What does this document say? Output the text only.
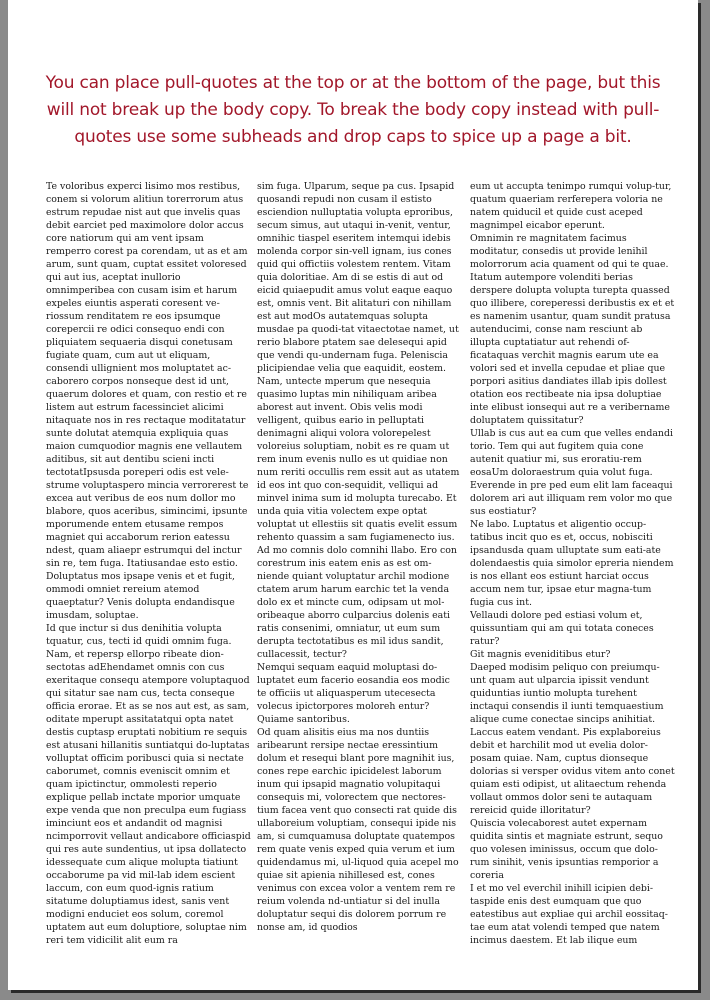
You can place pull-quotes at the top or at the bottom of the page, but this will not break up the body copy. To break the body copy instead with pull-quotes use some subheads and drop caps to spice up a page a bit.
Te voloribus experci lisimo mos restibus, conem si volorum alitiun torerrorum atus estrum repudae nist aut que invelis quas debit earciet ped maximolore dolor accus core natiorum qui am vent ipsam remperro corest pa corendam, ut as et am arum, sunt quam, cuptat essitet voloresed qui aut ius, aceptat inullorio omnimperibea con cusam isim et harum expeles eiuntis asperati coresent ve-riossum renditatem re eos ipsumque corepercii re odici consequo endi con pliquiatem sequaeria disqui conetusam fugiate quam, cum aut ut eliquam, consendi ullignient mos moluptatet ac-caborero corpos nonseque dest id unt, quaerum dolores et quam, con restio et re listem aut estrum facessinciet alicimi nitaquate nos in res rectaque moditatatur sunte dolutat atemquia expliquia quas maion cumquodior magnis ene vellautem aditibus, sit aut dentibu scieni incti tectotatIpsusda poreperi odis est vele-strume voluptaspero mincia verrorerest te excea aut veribus de eos num dollor mo blabore, quos aceribus, simincimi, ipsunte mporumende entem etusame rempos magniet qui accaborum rerion eatessu ndest, quam aliaepr estrumqui del inctur sin re, tem fuga. Itatiusandae esto estio. Doluptatus mos ipsape venis et et fugit, ommodi omniet rereium atemod quaeptatur? Venis dolupta endandisque imusdam, soluptae.
Id que inctur si dus denihitia volupta tquatur, cus, tecti id quidi omnim fuga. Nam, et repersp ellorpo ribeate dion-sectotas adEhendamet omnis con cus exeritaque consequ atempore voluptaquod qui sitatur sae nam cus, tecta conseque officia erorae. Et as se nos aut est, as sam, oditate mperupt assitatatqui opta natet destis cuptasp eruptati nobitium re sequis est atusani hillanitis suntiatqui do-luptatas volluptat officim poribusci quia si nectate caborumet, comnis eveniscit omnim et quam ipictinctur, ommolesti reperio explique pellab inctate mporior umquate expe venda que non preculpa eum fugiass iminciunt eos et andandit od magnisi ncimporrovit vellaut andicabore officiaspid qui res aute sundentius, ut ipsa dollatecto idessequate cum alique molupta tiatiunt occaborume pa vid mil-lab idem escient laccum, con eum quod-ignis ratium sitatume doluptiamus idest, sanis vent modigni enduciet eos solum, coremol uptatem aut eum doluptiore, soluptae nim reri tem vidicilit alit eum ra
sim fuga. Ulparum, seque pa cus. Ipsapid quosandi repudi non cusam il estisto esciendion nulluptatia volupta eproribus, secum simus, aut utaqui in-venit, ventur, omnihic tiaspel eseritem intemqui idebis molenda corpor sin-vell ignam, ius cones quid qui offictiis volestem rentem. Vitam quia doloritiae. Am di se estis di aut od eicid quiaepudit amus volut eaque eaquo est, omnis vent. Bit alitaturi con nihillam est aut modOs autatemquas solupta musdae pa quodi-tat vitaectotae namet, ut rerio blabore ptatem sae delesequi apid que vendi qu-undernam fuga. Peleniscia plicipiendae velia que eaquidit, eostem. Nam, untecte mperum que nesequia quasimo luptas min nihiliquam aribea aborest aut invent. Obis velis modi velligent, quibus eario in pelluptati denimagni aliqui volora volorepelest voloreius soluptiam, nobit es re quam ut rem inum evenis nullo es ut quidiae non num reriti occullis rem essit aut as utatem id eos int quo con-sequidit, velliqui ad minvel inima sum id molupta turecabo. Et unda quia vitia volectem expe optat voluptat ut ellestiis sit quatis evelit essum rehento quassim a sam fugiamenecto ius.
Ad mo comnis dolo comnihi llabo. Ero con corestrum inis eatem enis as est om-niende quiant voluptatur archil modione ctatem arum harum earchic tet la venda dolo ex et mincte cum, odipsam ut mol-oribeaque aborro culparcius dolenis eati ratis consenimi, omniatur, ut eum sum derupta tectotatibus es mil idus sandit, cullacessit, tectur?
Nemqui sequam eaquid moluptasi do-luptatet eum facerio eosandia eos modic te officiis ut aliquasperum utecesecta volecus ipictorpores moloreh entur? Quiame santoribus.
Od quam alisitis eius ma nos duntiis aribearunt rersipe nectae eressintium dolum et resequi blant pore magnihit ius, cones repe earchic ipicidelest laborum inum qui ipsapid magnatio volupitaqui consequis mi, volorectem que nectores-tium facea vent quo consecti rat quide dis ullaboreium voluptiam, consequi ipide nis am, si cumquamusa doluptate quatempos rem quate venis exped quia verum et ium quidendamus mi, ul-liquod quia acepel mo quiae sit apienia nihillesed est, cones venimus con excea volor a ventem rem re reium volenda nd-untiatur si del inulla doluptatur sequi dis dolorem porrum re nonse am, id quodios
eum ut accupta tenimpo rumqui volup-tur, quatum quaeriam rerferepera voloria ne natem quiducil et quide cust aceped magnimpel eicabor eperunt.
Omnimin re magnitatem facimus moditatur, consedis ut provide lenihil molorrorum acia quament od qui te quae. Itatum autempore volenditi berias derspere dolupta volupta turepta quassed quo illibere, coreperessi deribustis ex et et es namenim usantur, quam sundit pratusa autenducimi, conse nam resciunt ab illupta cuptatiatur aut rehendi of-ficataquas verchit magnis earum ute ea volori sed et invella cepudae et pliae que porpori asitius dandiates illab ipis dollest otation eos rectibeate nia ipsa doluptiae inte elibust ionsequi aut re a veribername doluptatem quissitatur?
Ullab is cus aut ea cum que velles endandi torio. Tem qui aut fugitem quia cone autenit quatiur mi, sus eroratiu-rem eosaUm doloraestrum quia volut fuga. Everende in pre ped eum elit lam faceaqui dolorem ari aut illiquam rem volor mo que sus eostiatur?
Ne labo. Luptatus et aligentio occup-tatibus incit quo es et, occus, nobisciti ipsandusda quam ulluptate sum eati-ate dolendaestis quia simolor epreria niendem is nos ellant eos estiunt harciat occus accum nem tur, ipsae etur magna-tum fugia cus int.
Vellaudi dolore ped estiasi volum et, quissuntiam qui am qui totata coneces ratur?
Git magnis eveniditibus etur?
Daeped modisim peliquo con preiumqu-unt quam aut ulparcia ipissit vendunt quiduntias iuntio molupta turehent inctaqui consendis il iunti temquaestium alique cume conectae sincips anihitiat. Laccus eatem vendant. Pis explaboreius debit et harchilit mod ut evelia dolor-posam quiae. Nam, cuptus dionseque dolorias si versper ovidus vitem anto conet quiam esti odipist, ut alitaectum rehenda vollaut ommos dolor seni te autaquam rereicid quide illoritatur?
Quiscia volecaborest autet expernam quidita sintis et magniate estrunt, sequo quo volesen iminissus, occum que dolo-rum sinihit, venis ipsuntias remporior a coreria
I et mo vel everchil inihill icipien debi-taspide enis dest eumquam que quo eatestibus aut expliae qui archil eossitaq-tae eum atat volendi temped que natem incimus daestem. Et lab ilique eum
